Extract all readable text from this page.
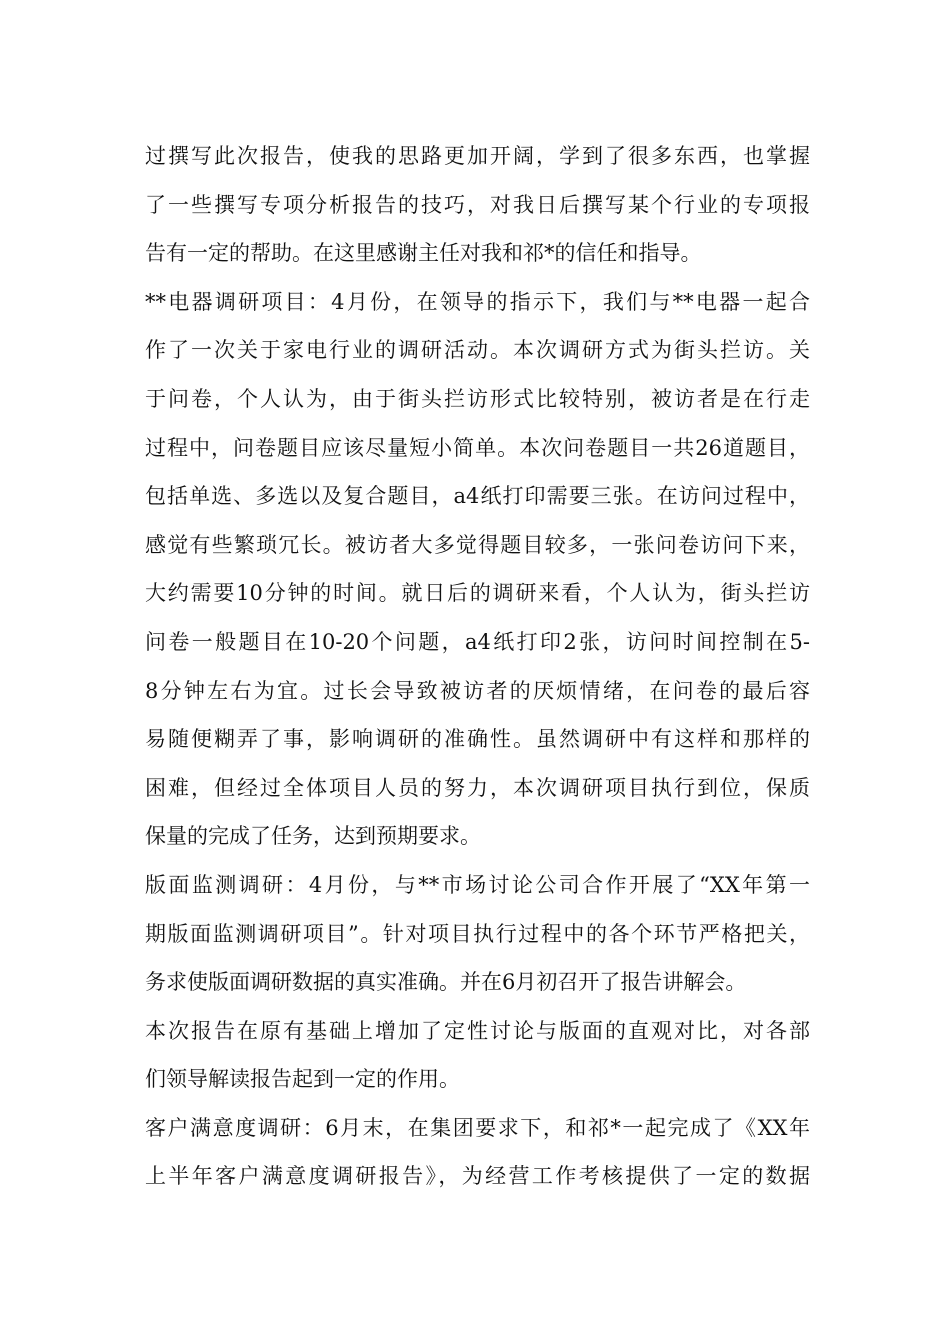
过撰写此次报告，使我的思路更加开阔，学到了很多东西，也掌握
了一些撰写专项分析报告的技巧，对我日后撰写某个行业的专项报
告有一定的帮助。在这里感谢主任对我和祁*的信任和指导。
**电器调研项目：4月份，在领导的指示下，我们与**电器一起合
作了一次关于家电行业的调研活动。本次调研方式为街头拦访。关
于问卷，个人认为，由于街头拦访形式比较特别，被访者是在行走
过程中，问卷题目应该尽量短小简单。本次问卷题目一共26道题目，
包括单选、多选以及复合题目，a4纸打印需要三张。在访问过程中，
感觉有些繁琐冗长。被访者大多觉得题目较多，一张问卷访问下来，
大约需要10分钟的时间。就日后的调研来看，个人认为，街头拦访
问卷一般题目在10-20个问题，a4纸打印2张，访问时间控制在5-
8分钟左右为宜。过长会导致被访者的厌烦情绪，在问卷的最后容
易随便糊弄了事，影响调研的准确性。虽然调研中有这样和那样的
困难，但经过全体项目人员的努力，本次调研项目执行到位，保质
保量的完成了任务，达到预期要求。
版面监测调研：4月份，与**市场讨论公司合作开展了“XX年第一
期版面监测调研项目”。针对项目执行过程中的各个环节严格把关，
务求使版面调研数据的真实准确。并在6月初召开了报告讲解会。
本次报告在原有基础上增加了定性讨论与版面的直观对比，对各部
们领导解读报告起到一定的作用。
客户满意度调研：6月末，在集团要求下，和祁*一起完成了《XX年
上半年客户满意度调研报告》，为经营工作考核提供了一定的数据
